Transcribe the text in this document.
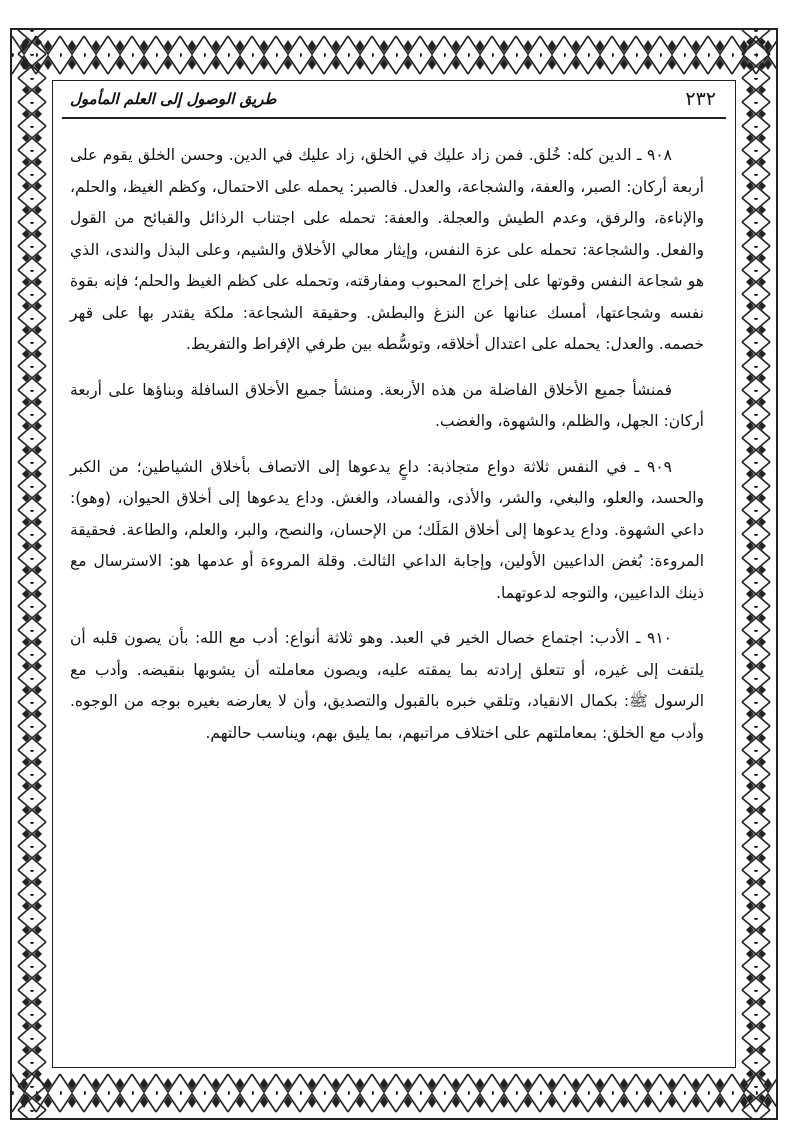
طريق الوصول إلى العلم المأمول	٢٣٢

٩٠٨ ـ الدين كله: خُلق. فمن زاد عليك في الخلق، زاد عليك في الدين. وحسن الخلق يقوم على أربعة أركان: الصبر، والعفة، والشجاعة، والعدل. فالصبر: يحمله على الاحتمال، وكظم الغيظ، والحلم، والإناءة، والرفق، وعدم الطيش والعجلة. والعفة: تحمله على اجتناب الرذائل والقبائح من القول والفعل. والشجاعة: تحمله على عزة النفس، وإيثار معالي الأخلاق والشيم، وعلى البذل والندى، الذي هو شجاعة النفس وقوتها على إخراج المحبوب ومفارقته، وتحمله على كظم الغيظ والحلم؛ فإنه بقوة نفسه وشجاعتها، أمسك عنانها عن النزغ والبطش. وحقيقة الشجاعة: ملكة يقتدر بها على قهر خصمه. والعدل: يحمله على اعتدال أخلاقه، وتوسُّطه بين طرفي الإفراط والتفريط.

فمنشأ جميع الأخلاق الفاضلة من هذه الأربعة. ومنشأ جميع الأخلاق السافلة وبناؤها على أربعة أركان: الجهل، والظلم، والشهوة، والغضب.

٩٠٩ ـ في النفس ثلاثة دواع متجاذبة: داعٍ يدعوها إلى الاتصاف بأخلاق الشياطين؛ من الكبر والحسد، والعلو، والبغي، والشر، والأذى، والفساد، والغش. وداع يدعوها إلى أخلاق الحيوان، (وهو): داعي الشهوة. وداع يدعوها إلى أخلاق المَلَك؛ من الإحسان، والنصح، والبر، والعلم، والطاعة. فحقيقة المروءة: بُغض الداعيين الأولين، وإجابة الداعي الثالث. وقلة المروءة أو عدمها هو: الاسترسال مع ذينك الداعيين، والتوجه لدعوتهما.

٩١٠ ـ الأدب: اجتماع خصال الخير في العبد. وهو ثلاثة أنواع: أدب مع الله: بأن يصون قلبه أن يلتفت إلى غيره، أو تتعلق إرادته بما يمقته عليه، ويصون معاملته أن يشوبها بنقيضه. وأدب مع الرسول ﷺ: بكمال الانقياد، وتلقي خبره بالقبول والتصديق، وأن لا يعارضه بغيره بوجه من الوجوه. وأدب مع الخلق: بمعاملتهم على اختلاف مراتبهم، بما يليق بهم، ويناسب حالتهم.
